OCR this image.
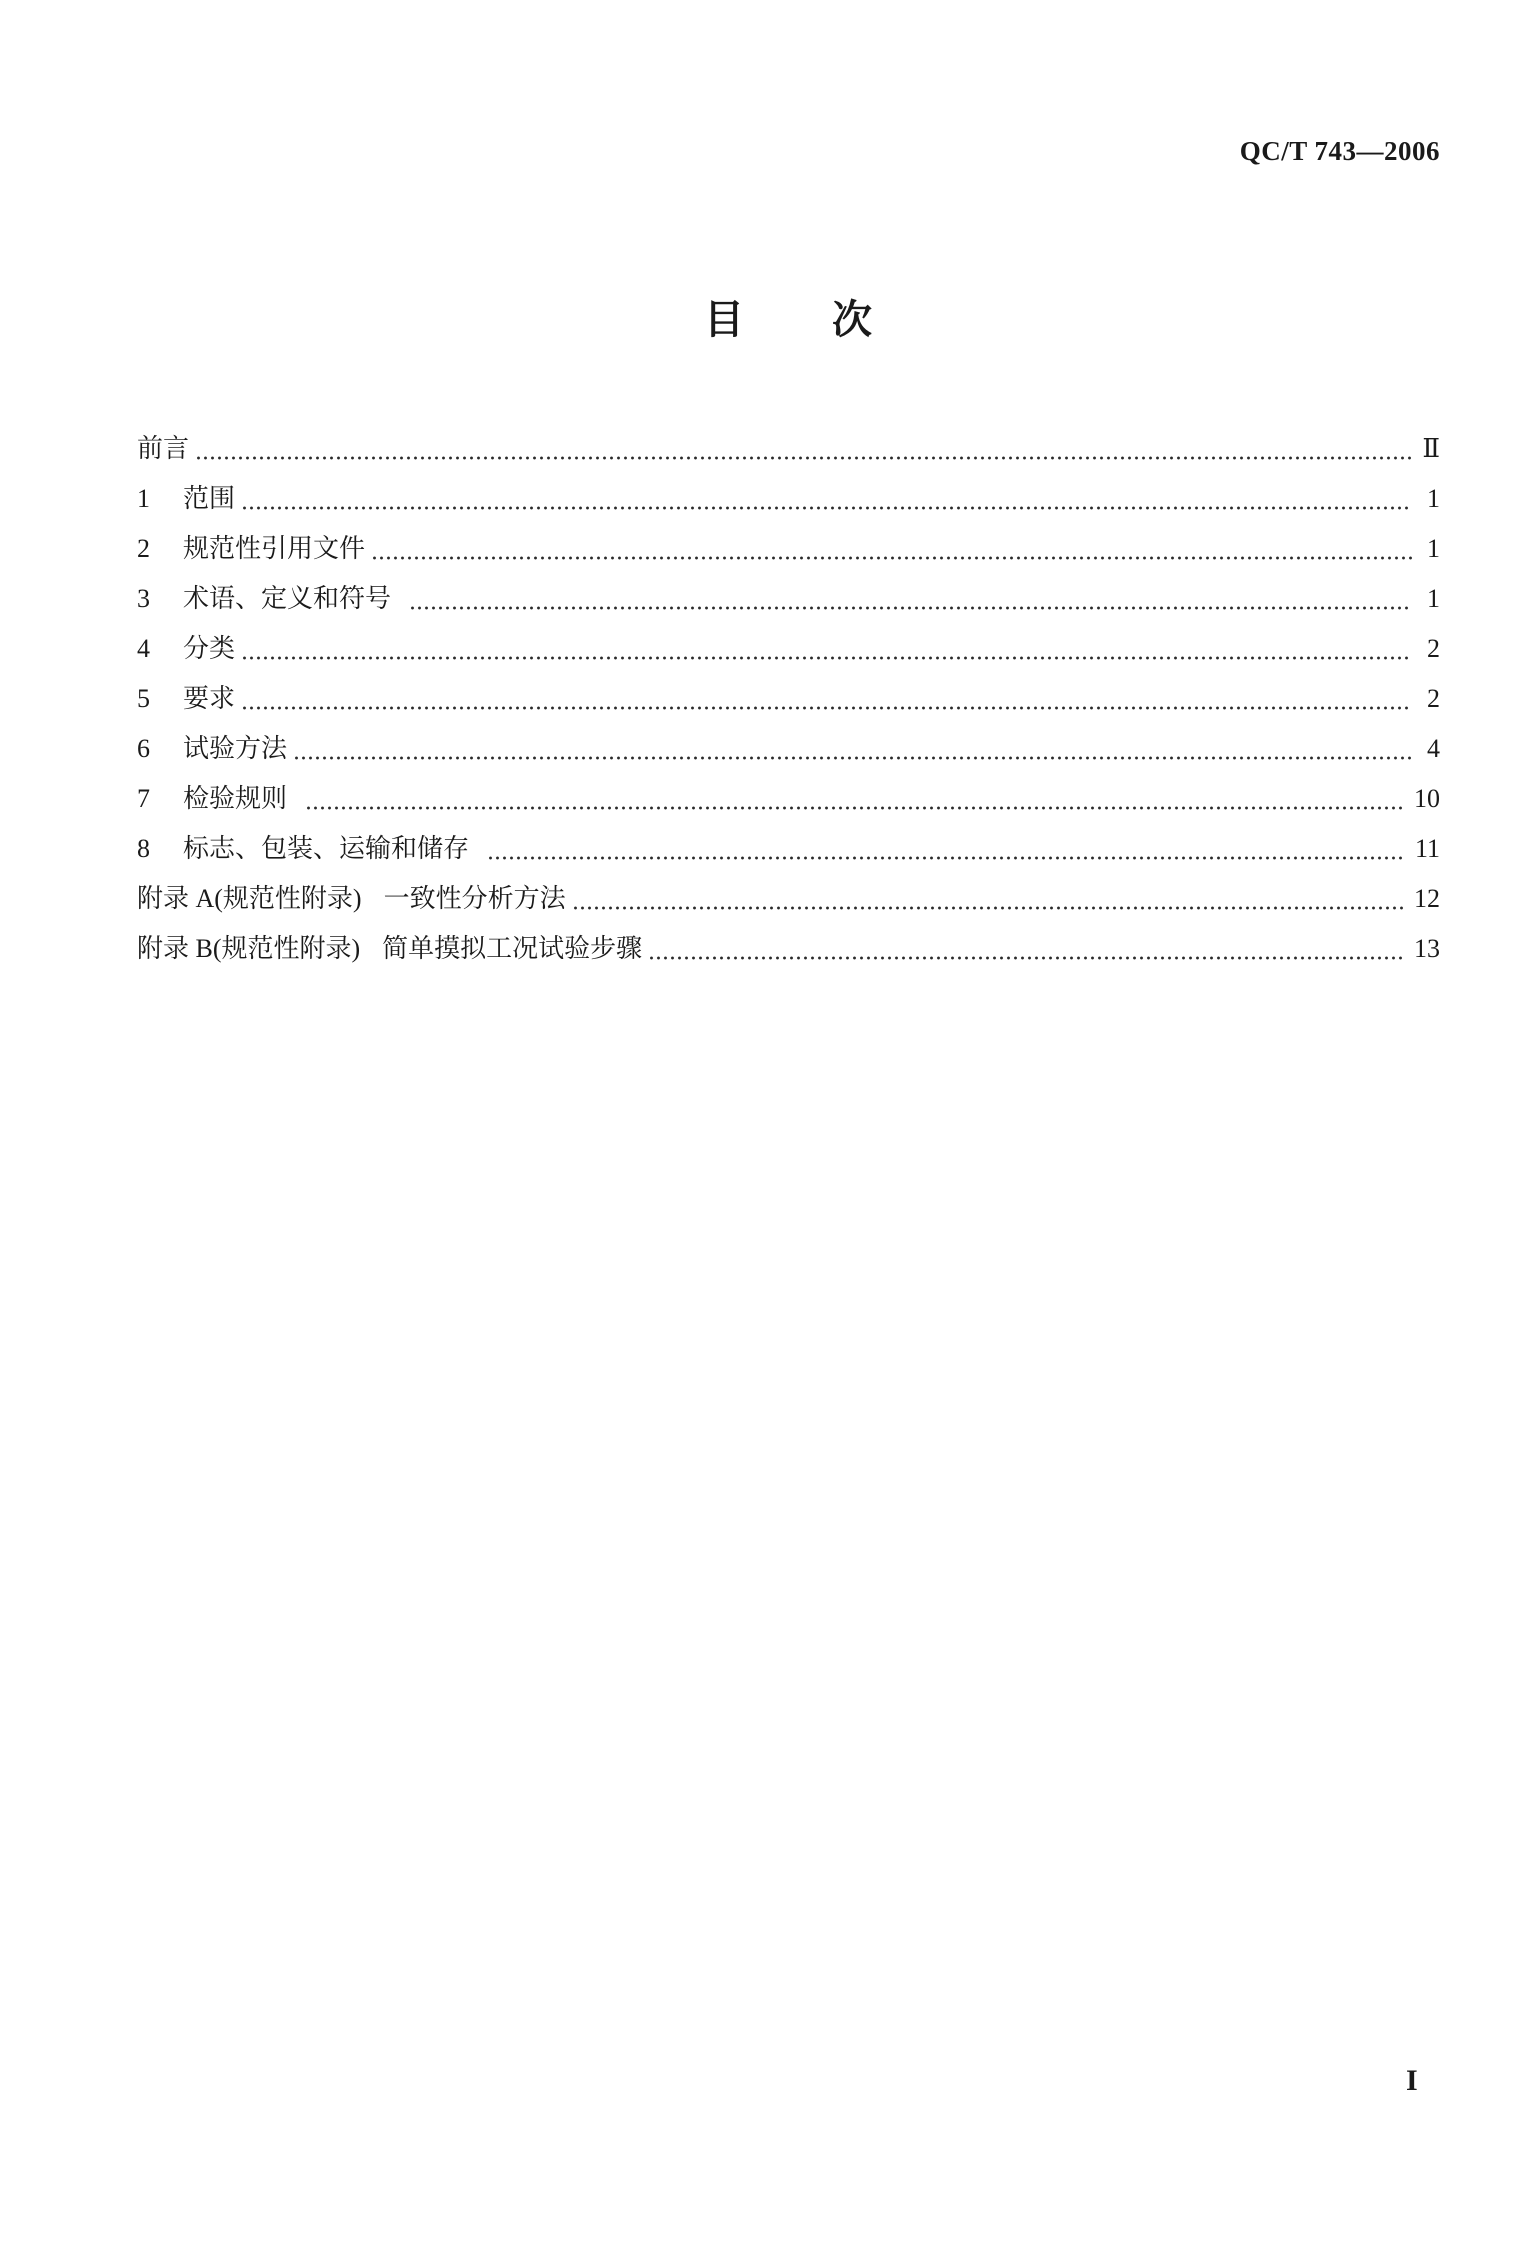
QC/T 743—2006
目 次
前言	Ⅱ
1	范围	1
2	规范性引用文件	1
3	术语、定义和符号	1
4	分类	2
5	要求	2
6	试验方法	4
7	检验规则	10
8	标志、包装、运输和储存	11
附录 A(规范性附录) 一致性分析方法	12
附录 B(规范性附录) 简单摸拟工况试验步骤	13
I
